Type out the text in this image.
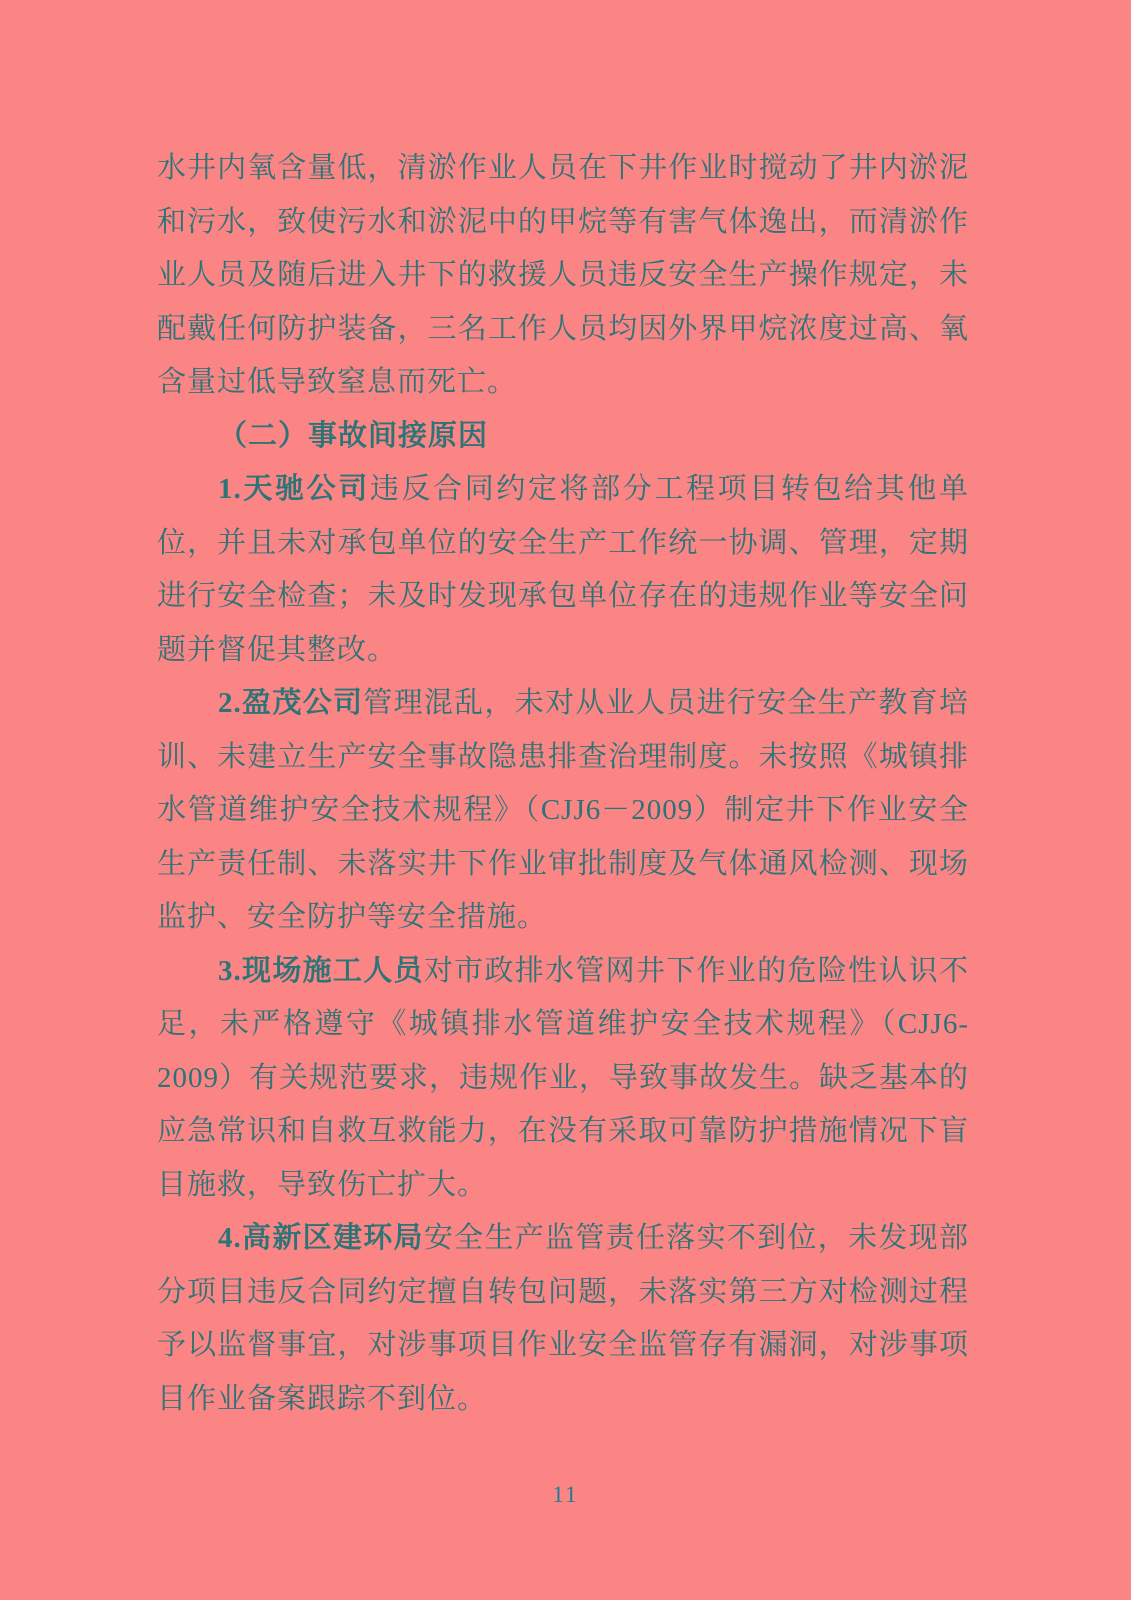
水井内氧含量低，清淤作业人员在下井作业时搅动了井内淤泥和污水，致使污水和淤泥中的甲烷等有害气体逸出，而清淤作业人员及随后进入井下的救援人员违反安全生产操作规定，未配戴任何防护装备，三名工作人员均因外界甲烷浓度过高、氧含量过低导致窒息而死亡。

（二）事故间接原因

1.天驰公司违反合同约定将部分工程项目转包给其他单位，并且未对承包单位的安全生产工作统一协调、管理，定期进行安全检查；未及时发现承包单位存在的违规作业等安全问题并督促其整改。

2.盈茂公司管理混乱，未对从业人员进行安全生产教育培训、未建立生产安全事故隐患排查治理制度。未按照《城镇排水管道维护安全技术规程》（CJJ6－2009）制定井下作业安全生产责任制、未落实井下作业审批制度及气体通风检测、现场监护、安全防护等安全措施。

3.现场施工人员对市政排水管网井下作业的危险性认识不足，未严格遵守《城镇排水管道维护安全技术规程》（CJJ6-2009）有关规范要求，违规作业，导致事故发生。缺乏基本的应急常识和自救互救能力，在没有采取可靠防护措施情况下盲目施救，导致伤亡扩大。

4.高新区建环局安全生产监管责任落实不到位，未发现部分项目违反合同约定擅自转包问题，未落实第三方对检测过程予以监督事宜，对涉事项目作业安全监管存有漏洞，对涉事项目作业备案跟踪不到位。

11
